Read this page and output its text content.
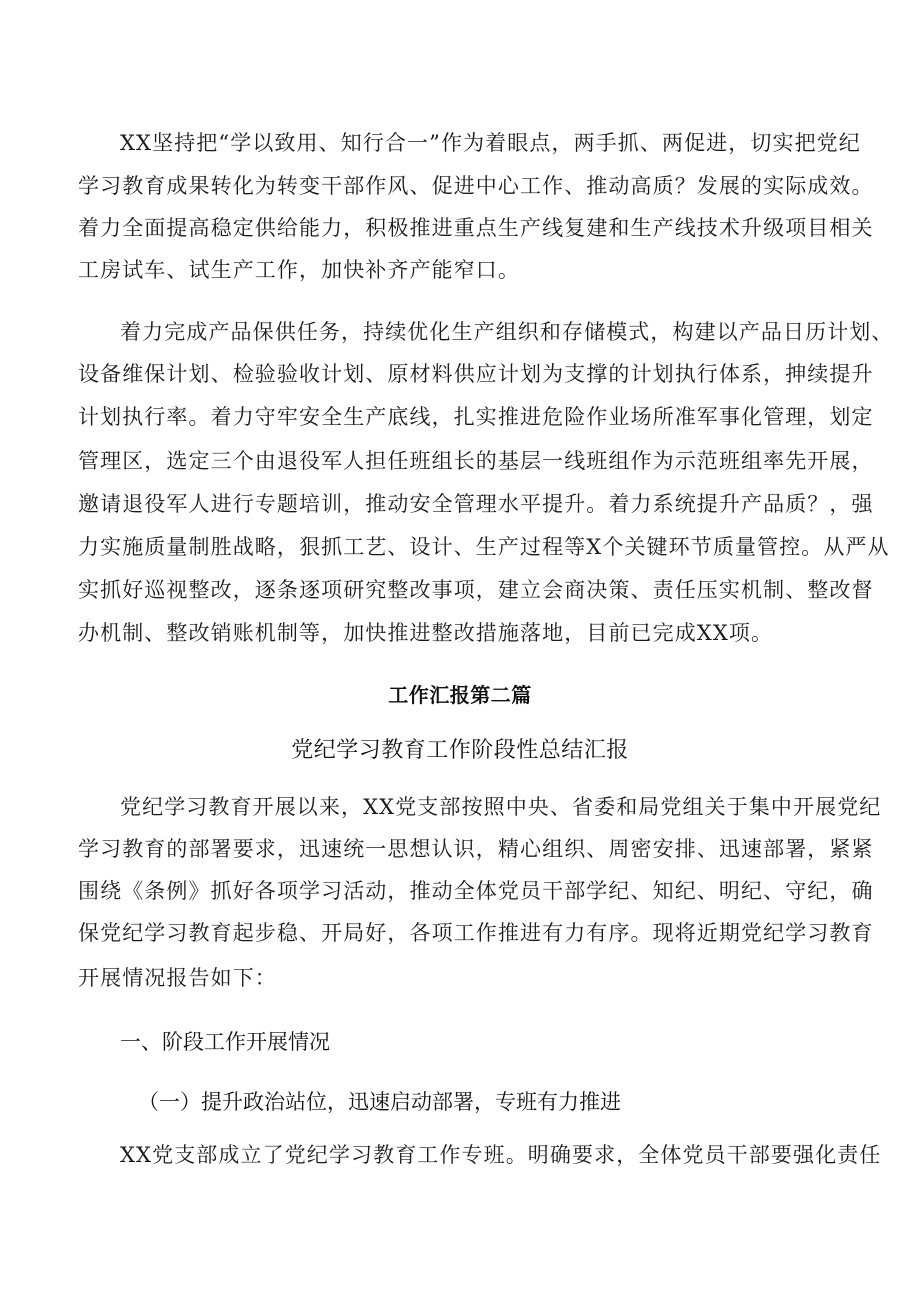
XX坚持把“学以致用、知行合一”作为着眼点，两手抓、两促进，切实把党纪

学习教育成果转化为转变干部作风、促进中心工作、推动高质？发展的实际成效。

着力全面提高稳定供给能力，积极推进重点生产线复建和生产线技术升级项目相关

工房试车、试生产工作，加快补齐产能窄口。

着力完成产品保供任务，持续优化生产组织和存储模式，构建以产品日历计划、

设备维保计划、检验验收计划、原材料供应计划为支撑的计划执行体系，抻续提升

计划执行率。着力守牢安全生产底线，扎实推进危险作业场所准军事化管理，划定

管理区，选定三个由退役军人担任班组长的基层一线班组作为示范班组率先开展，

邀请退役军人进行专题培训，推动安全管理水平提升。着力系统提升产品质？，强

力实施质量制胜战略，狠抓工艺、设计、生产过程等X个关键环节质量管控。从严从

实抓好巡视整改，逐条逐项研究整改事项，建立会商决策、责任压实机制、整改督

办机制、整改销账机制等，加快推进整改措施落地，目前已完成XX项。

工作汇报第二篇

党纪学习教育工作阶段性总结汇报

党纪学习教育开展以来，XX党支部按照中央、省委和局党组关于集中开展党纪

学习教育的部署要求，迅速统一思想认识，精心组织、周密安排、迅速部署，紧紧

围绕《条例》抓好各项学习活动，推动全体党员干部学纪、知纪、明纪、守纪，确

保党纪学习教育起步稳、开局好，各项工作推进有力有序。现将近期党纪学习教育

开展情况报告如下：

一、阶段工作开展情况

（一）提升政治站位，迅速启动部署，专班有力推进

XX党支部成立了党纪学习教育工作专班。明确要求，全体党员干部要强化责任
